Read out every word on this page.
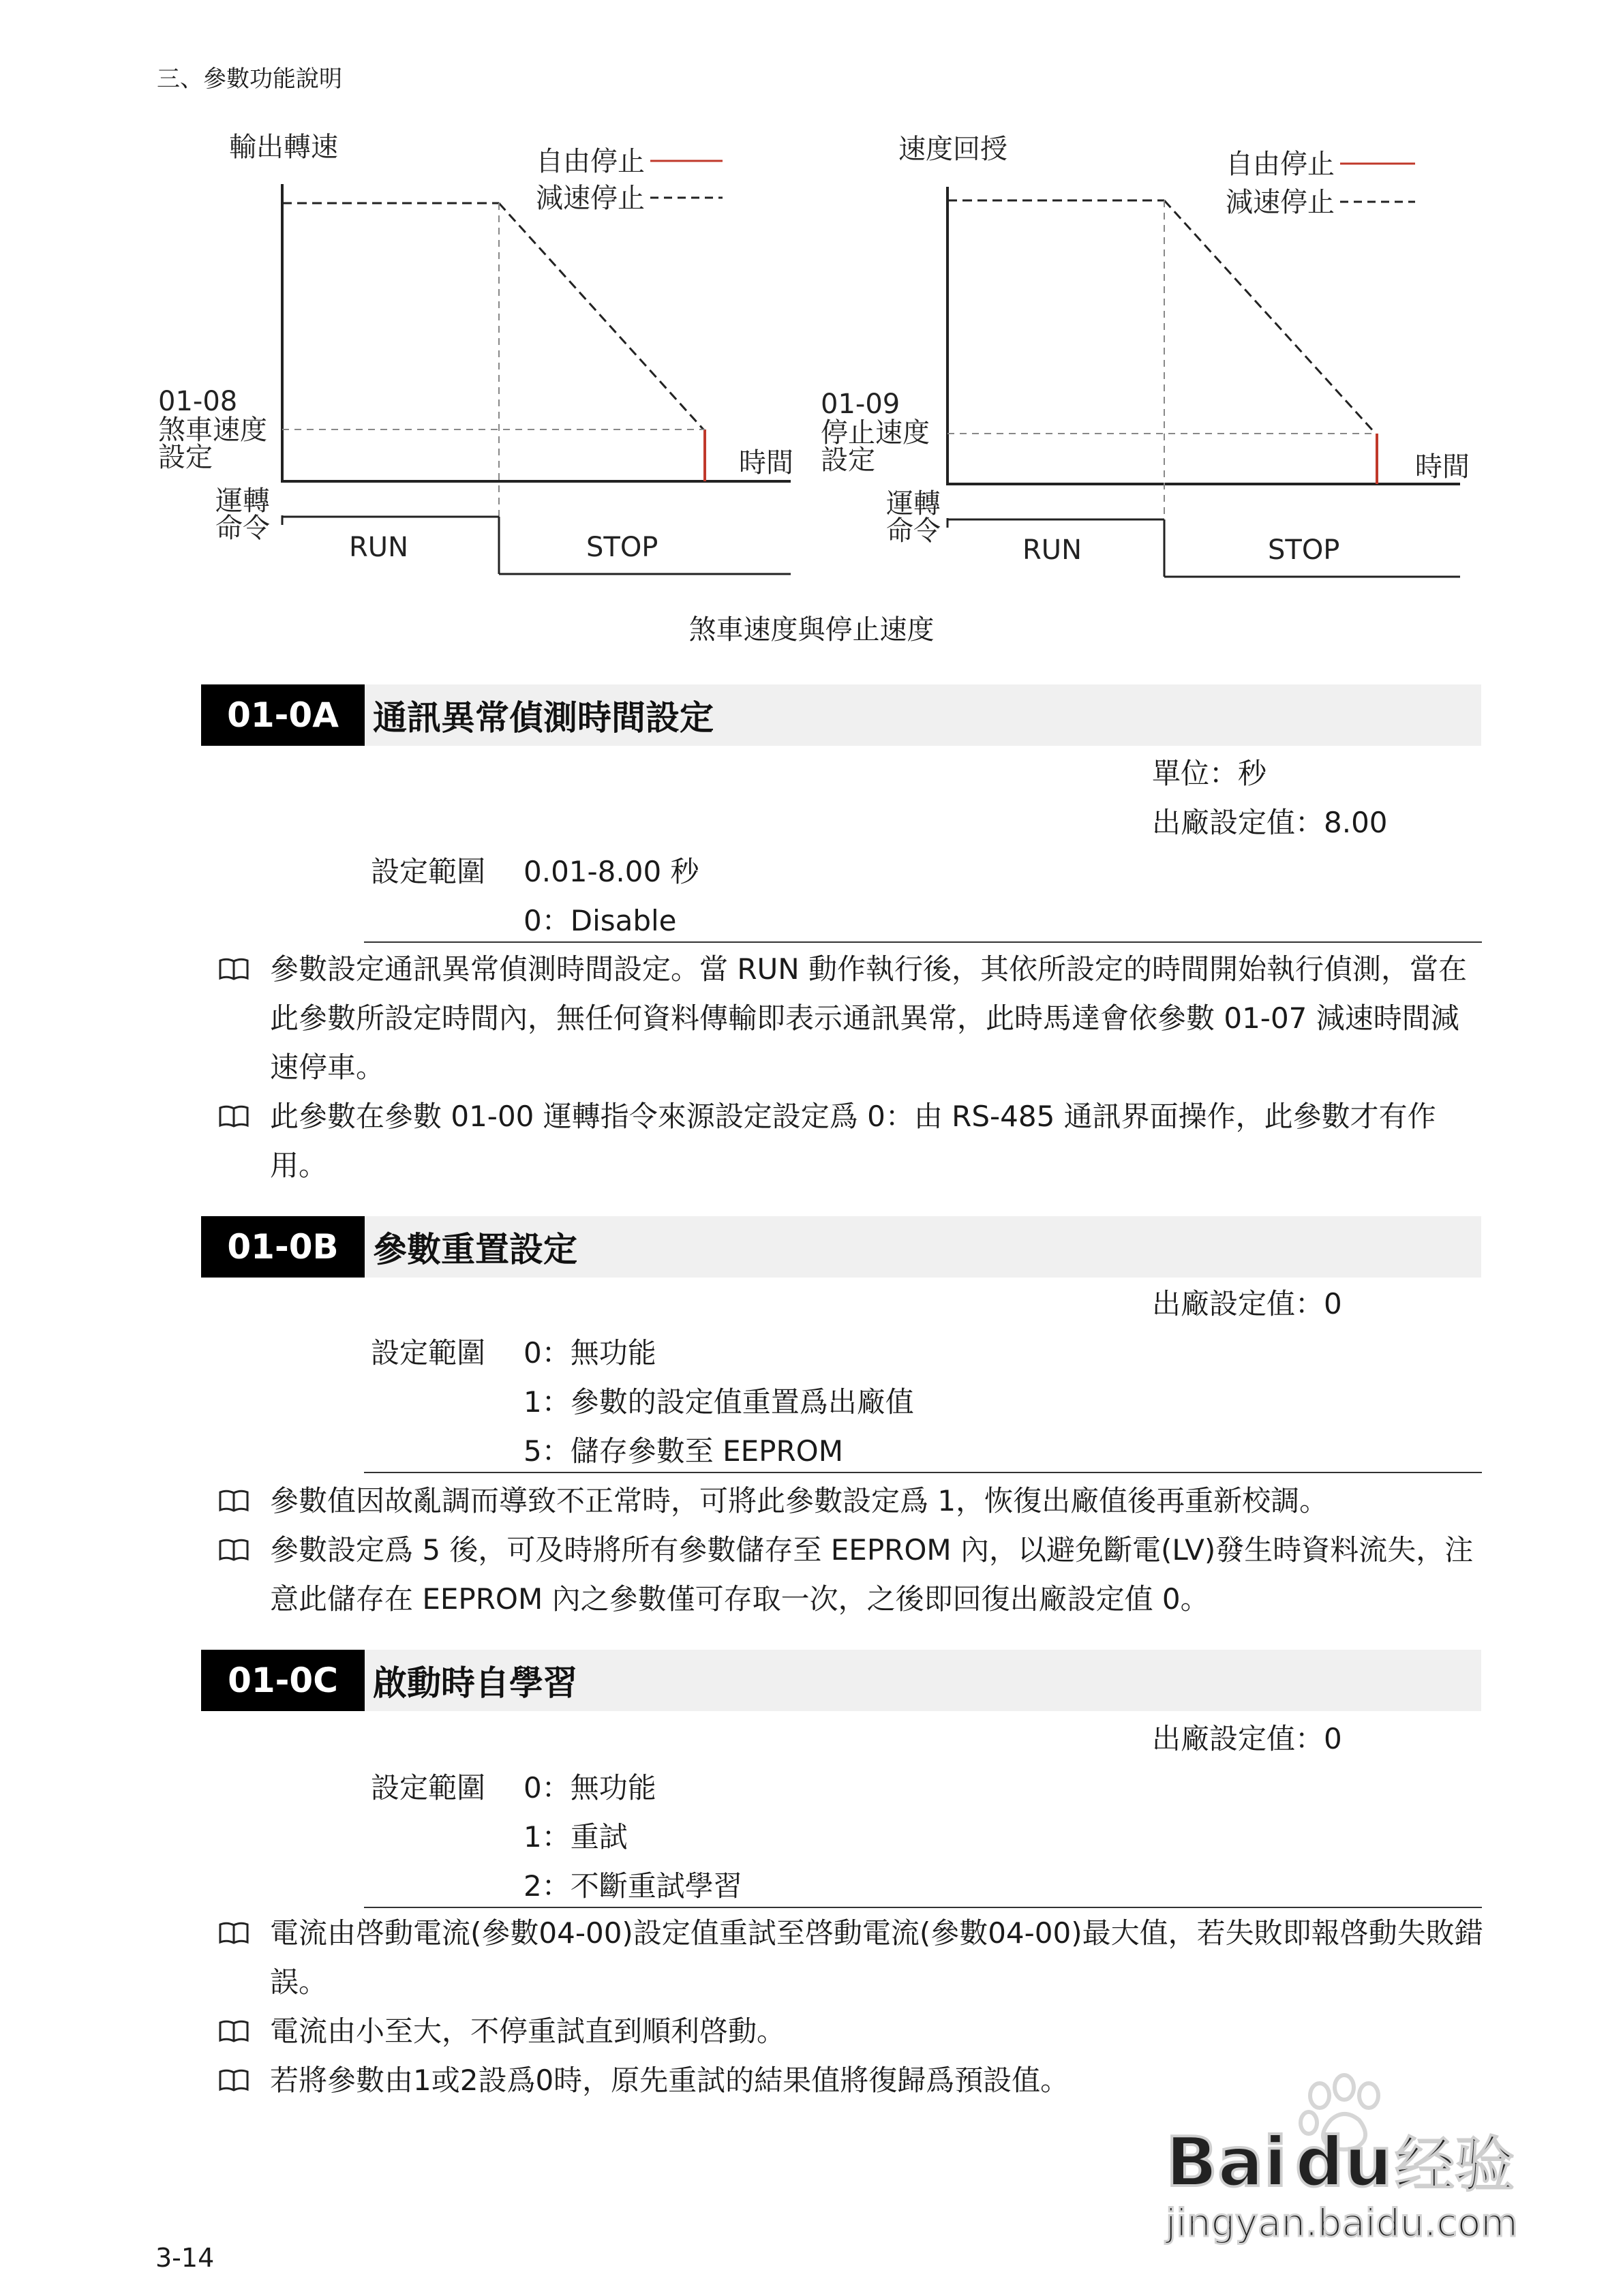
三、參數功能說明
3-14
輸出轉速	自由停止
減速停止
01-08
煞車速度
設定	時間
運轉
命令
RUN	STOP
速度回授	自由停止
減速停止
01-09
停止速度
設定	時間
運轉
命令
RUN	STOP
煞車速度與停止速度
01-0A	通訊異常偵測時間設定
單位：秒
出廠設定值：8.00
設定範圍 0.01-8.00 秒
0：Disable
參數設定通訊異常偵測時間設定。當 RUN 動作執行後，其依所設定的時間開始執行偵測，當在此參數所設定時間內，無任何資料傳輸即表示通訊異常，此時馬達會依參數 01-07 減速時間減速停車。
此參數在參數 01-00 運轉指令來源設定設定爲 0：由 RS-485 通訊界面操作，此參數才有作用。
01-0B	參數重置設定
出廠設定值：0
設定範圍 0：無功能
1：參數的設定值重置爲出廠值
5：儲存參數至 EEPROM
參數值因故亂調而導致不正常時，可將此參數設定爲 1，恢復出廠值後再重新校調。
參數設定爲 5 後，可及時將所有參數儲存至 EEPROM 內，以避免斷電(LV)發生時資料流失，注意此儲存在 EEPROM 內之參數僅可存取一次，之後即回復出廠設定值 0。
01-0C	啟動時自學習
出廠設定值：0
設定範圍 0：無功能
1：重試
2：不斷重試學習
電流由啓動電流(參數04-00)設定值重試至啓動電流(參數04-00)最大值，若失敗即報啓動失敗錯誤。
電流由小至大，不停重試直到順利啓動。
若將參數由1或2設爲0時，原先重試的結果值將復歸爲預設值。
Bai du 经验
jingyan.baidu.com
